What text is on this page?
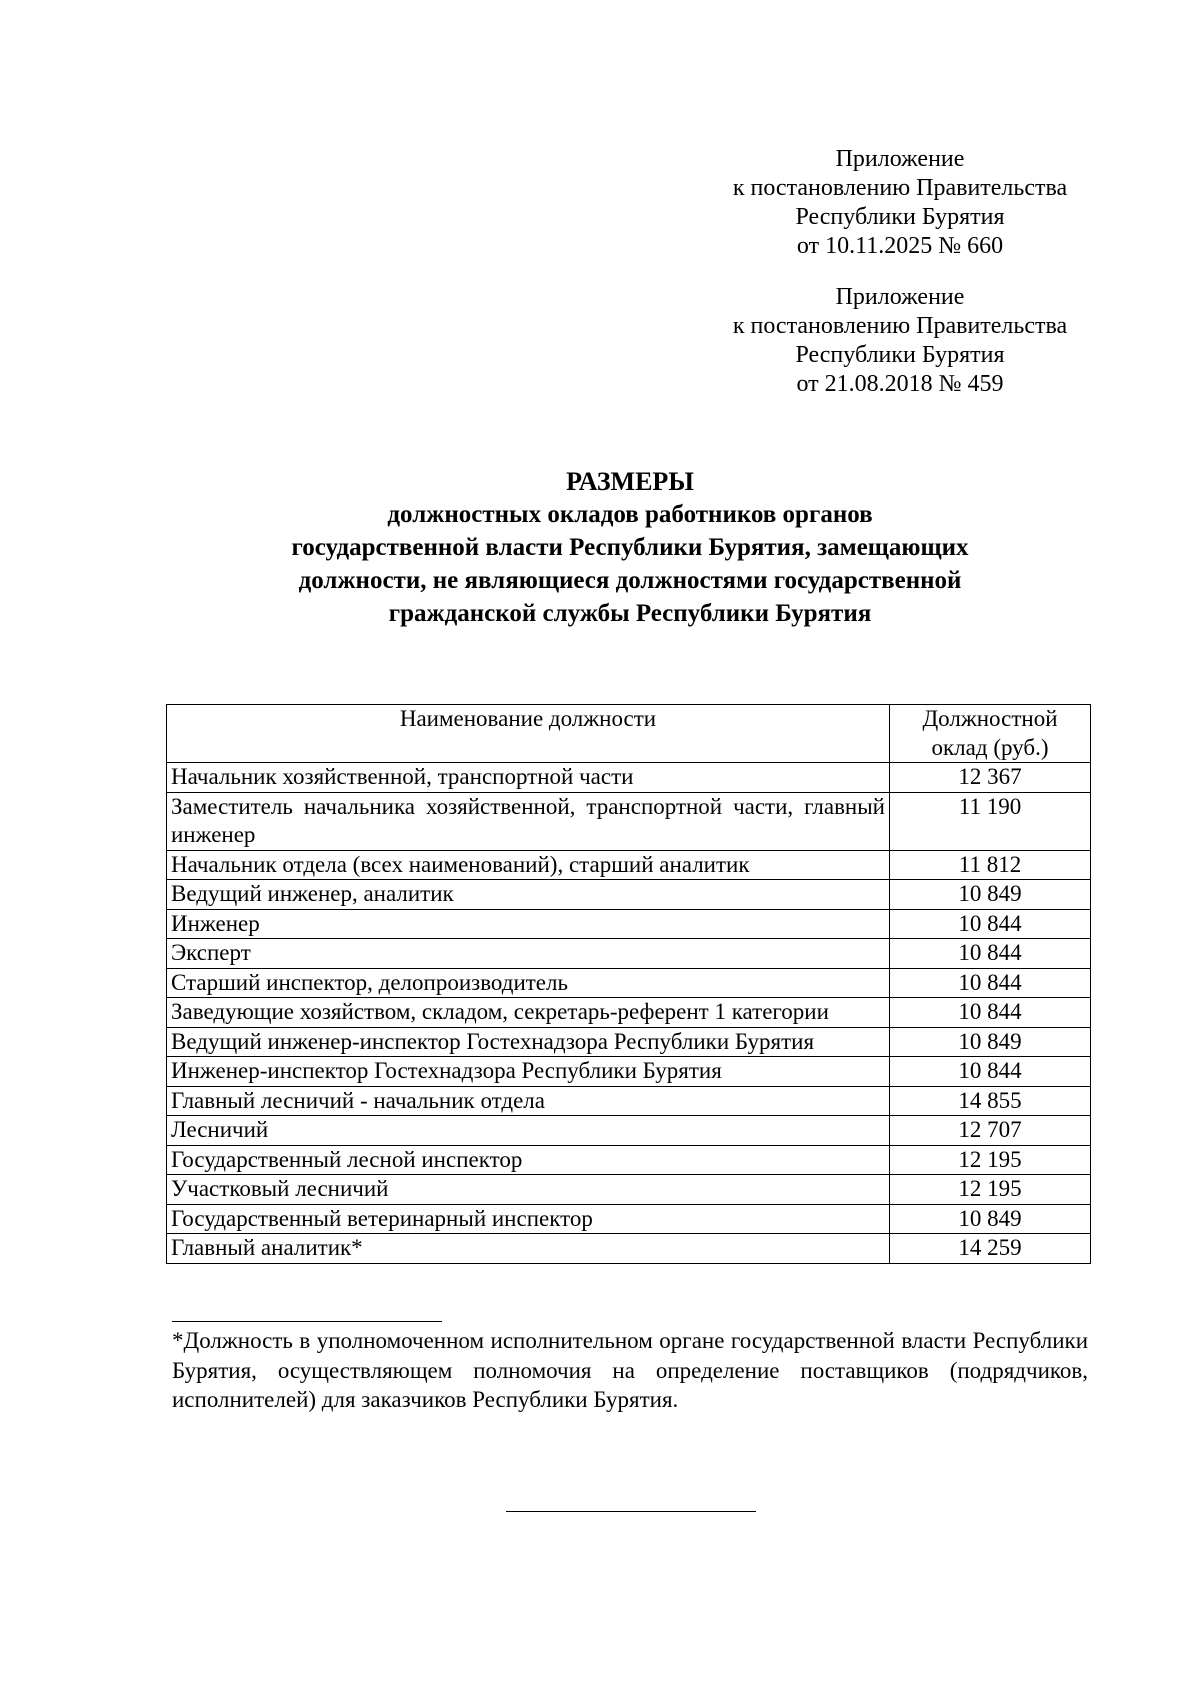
Приложение
к постановлению Правительства
Республики Бурятия
от 10.11.2025 № 660
Приложение
к постановлению Правительства
Республики Бурятия
от 21.08.2018 № 459
РАЗМЕРЫ
должностных окладов работников органов
государственной власти Республики Бурятия, замещающих
должности, не являющиеся должностями государственной
гражданской службы Республики Бурятия
Наименование должности	Должностной оклад (руб.)
Начальник хозяйственной, транспортной части	12 367
Заместитель начальника хозяйственной, транспортной части, главный инженер	11 190
Начальник отдела (всех наименований), старший аналитик	11 812
Ведущий инженер, аналитик	10 849
Инженер	10 844
Эксперт	10 844
Старший инспектор, делопроизводитель	10 844
Заведующие хозяйством, складом, секретарь-референт 1 категории	10 844
Ведущий инженер-инспектор Гостехнадзора Республики Бурятия	10 849
Инженер-инспектор Гостехнадзора Республики Бурятия	10 844
Главный лесничий - начальник отдела	14 855
Лесничий	12 707
Государственный лесной инспектор	12 195
Участковый лесничий	12 195
Государственный ветеринарный инспектор	10 849
Главный аналитик*	14 259
*Должность в уполномоченном исполнительном органе государственной власти Республики Бурятия, осуществляющем полномочия на определение поставщиков (подрядчиков, исполнителей) для заказчиков Республики Бурятия.
